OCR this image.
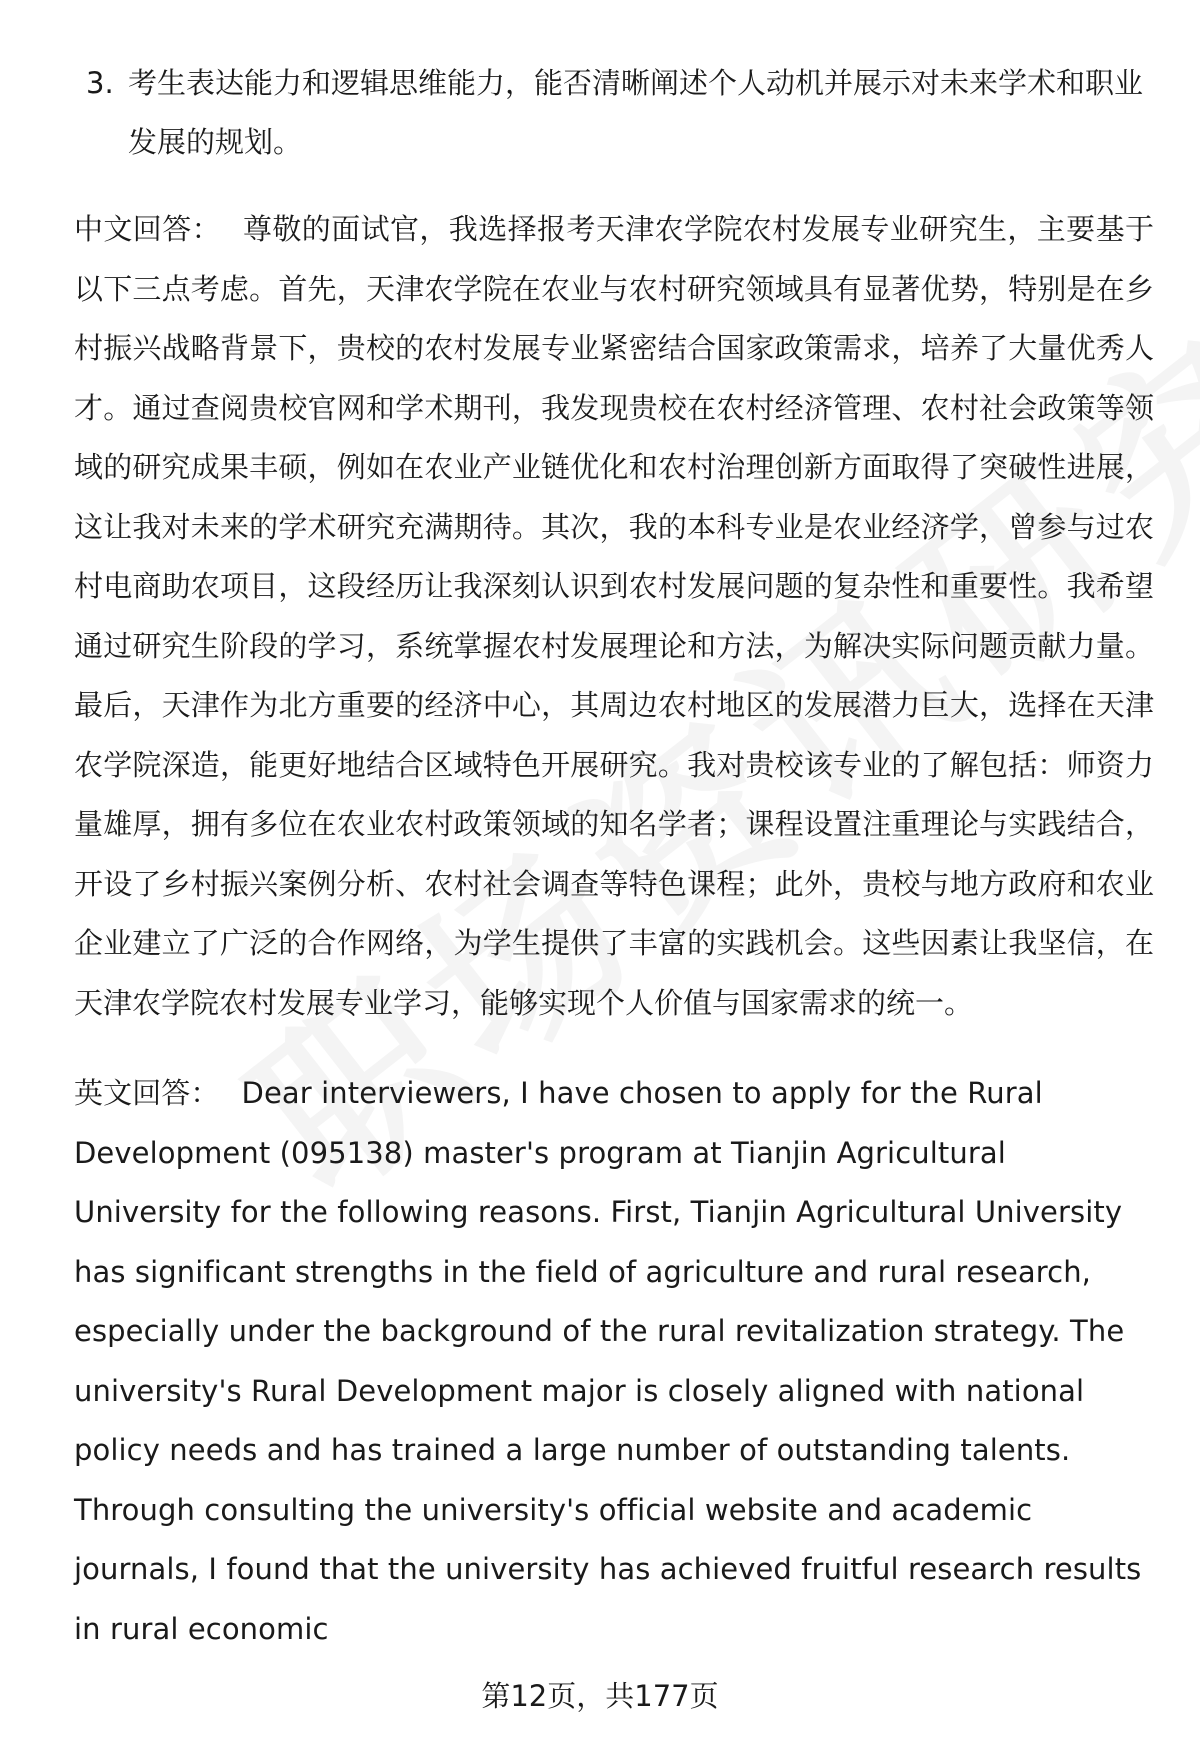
3. 考生表达能力和逻辑思维能力，能否清晰阐述个人动机并展示对未来学术和职业发展的规划。

中文回答： 尊敬的面试官，我选择报考天津农学院农村发展专业研究生，主要基于以下三点考虑。首先，天津农学院在农业与农村研究领域具有显著优势，特别是在乡村振兴战略背景下，贵校的农村发展专业紧密结合国家政策需求，培养了大量优秀人才。通过查阅贵校官网和学术期刊，我发现贵校在农村经济管理、农村社会政策等领域的研究成果丰硕，例如在农业产业链优化和农村治理创新方面取得了突破性进展，这让我对未来的学术研究充满期待。其次，我的本科专业是农业经济学，曾参与过农村电商助农项目，这段经历让我深刻认识到农村发展问题的复杂性和重要性。我希望通过研究生阶段的学习，系统掌握农村发展理论和方法，为解决实际问题贡献力量。最后，天津作为北方重要的经济中心，其周边农村地区的发展潜力巨大，选择在天津农学院深造，能更好地结合区域特色开展研究。我对贵校该专业的了解包括：师资力量雄厚，拥有多位在农业农村政策领域的知名学者；课程设置注重理论与实践结合，开设了乡村振兴案例分析、农村社会调查等特色课程；此外，贵校与地方政府和农业企业建立了广泛的合作网络，为学生提供了丰富的实践机会。这些因素让我坚信，在天津农学院农村发展专业学习，能够实现个人价值与国家需求的统一。

英文回答： Dear interviewers, I have chosen to apply for the Rural Development (095138) master's program at Tianjin Agricultural University for the following reasons. First, Tianjin Agricultural University has significant strengths in the field of agriculture and rural research, especially under the background of the rural revitalization strategy. The university's Rural Development major is closely aligned with national policy needs and has trained a large number of outstanding talents. Through consulting the university's official website and academic journals, I found that the university has achieved fruitful research results in rural economic

第12页，共177页
